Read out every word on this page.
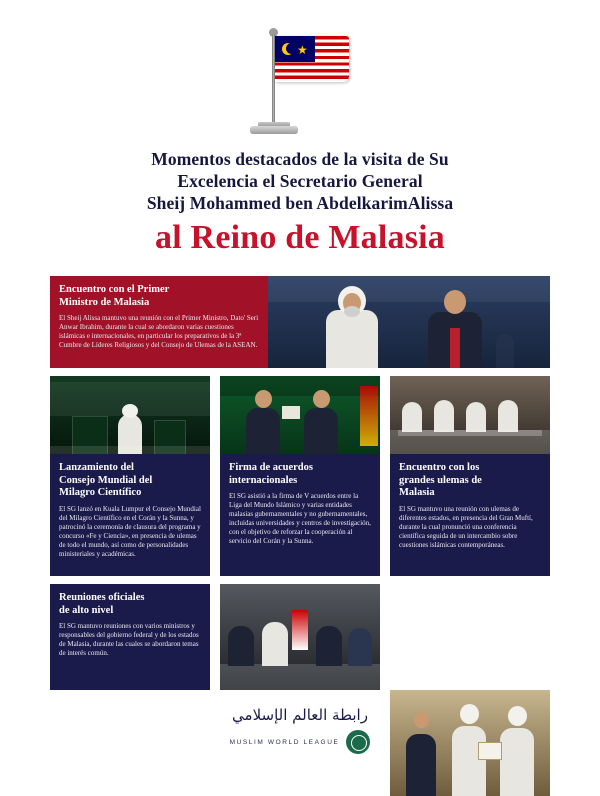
★
Momentos destacados de la visita de Su
Excelencia el Secretario General
Sheij Mohammed ben AbdelkarimAlissa
al Reino de Malasia
Encuentro con el Primer
Ministro de Malasia

El Sheij Alissa mantuvo una reunión con el Primer Ministro, Dato' Seri Anwar Ibrahim, durante la cual se abordaron varias cuestiones islámicas e internacionales, en particular los preparativos de la 3ª Cumbre de Líderes Religiosos y del Consejo de Ulemas de la ASEAN.

Lanzamiento del
Consejo Mundial del
Milagro Científico

El SG lanzó en Kuala Lumpur el Consejo Mundial del Milagro Científico en el Corán y la Sunna, y patrocinó la ceremonia de clausura del programa y concurso «Fe y Ciencia», en presencia de ulemas de todo el mundo, así como de personalidades ministeriales y académicas.

Firma de acuerdos
internacionales

El SG asistió a la firma de V acuerdos entre la Liga del Mundo Islámico y varias entidades malasias gubernamentales y no gubernamentales, incluidas universidades y centros de investigación, con el objetivo de reforzar la cooperación al servicio del Corán y la Sunna.

Encuentro con los
grandes ulemas de
Malasia

El SG mantuvo una reunión con ulemas de diferentes estados, en presencia del Gran Muftí, durante la cual pronunció una conferencia científica seguida de un intercambio sobre cuestiones islámicas contemporáneas.

Reuniones oficiales
de alto nivel

El SG mantuvo reuniones con varios ministros y responsables del gobierno federal y de los estados de Malasia, durante las cuales se abordaron temas de interés común.

رابطة العالم الإسلامي
MUSLIM WORLD LEAGUE
